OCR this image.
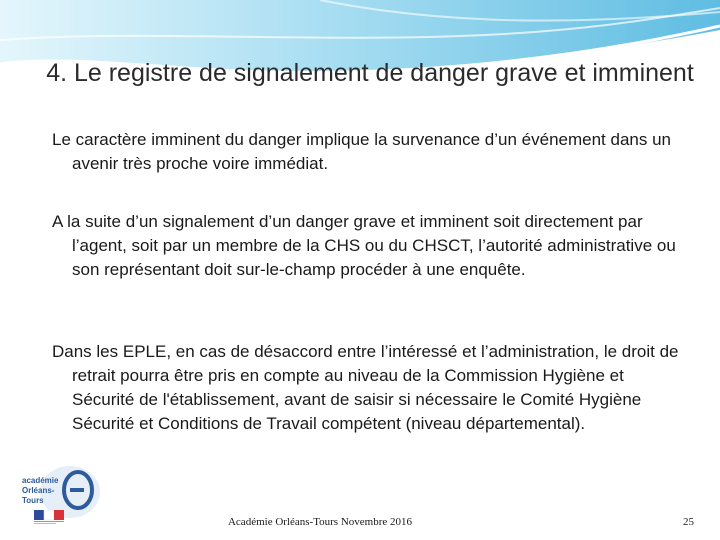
4. Le registre de signalement de danger grave et imminent

Le caractère imminent du danger implique la survenance d’un événement dans un avenir très proche voire immédiat.

A la suite d’un signalement d’un danger grave et imminent soit directement par l’agent, soit par un membre de la CHS ou du CHSCT, l’autorité administrative ou son représentant doit sur-le-champ procéder à une enquête.

Dans les EPLE, en cas de désaccord entre l’intéressé et l’administration, le droit de retrait pourra être pris en compte au niveau de la Commission Hygiène et Sécurité de l'établissement, avant de saisir si nécessaire le Comité Hygiène Sécurité et Conditions de Travail compétent (niveau départemental).

académie
Orléans-Tours
Académie Orléans-Tours Novembre 2016	25
